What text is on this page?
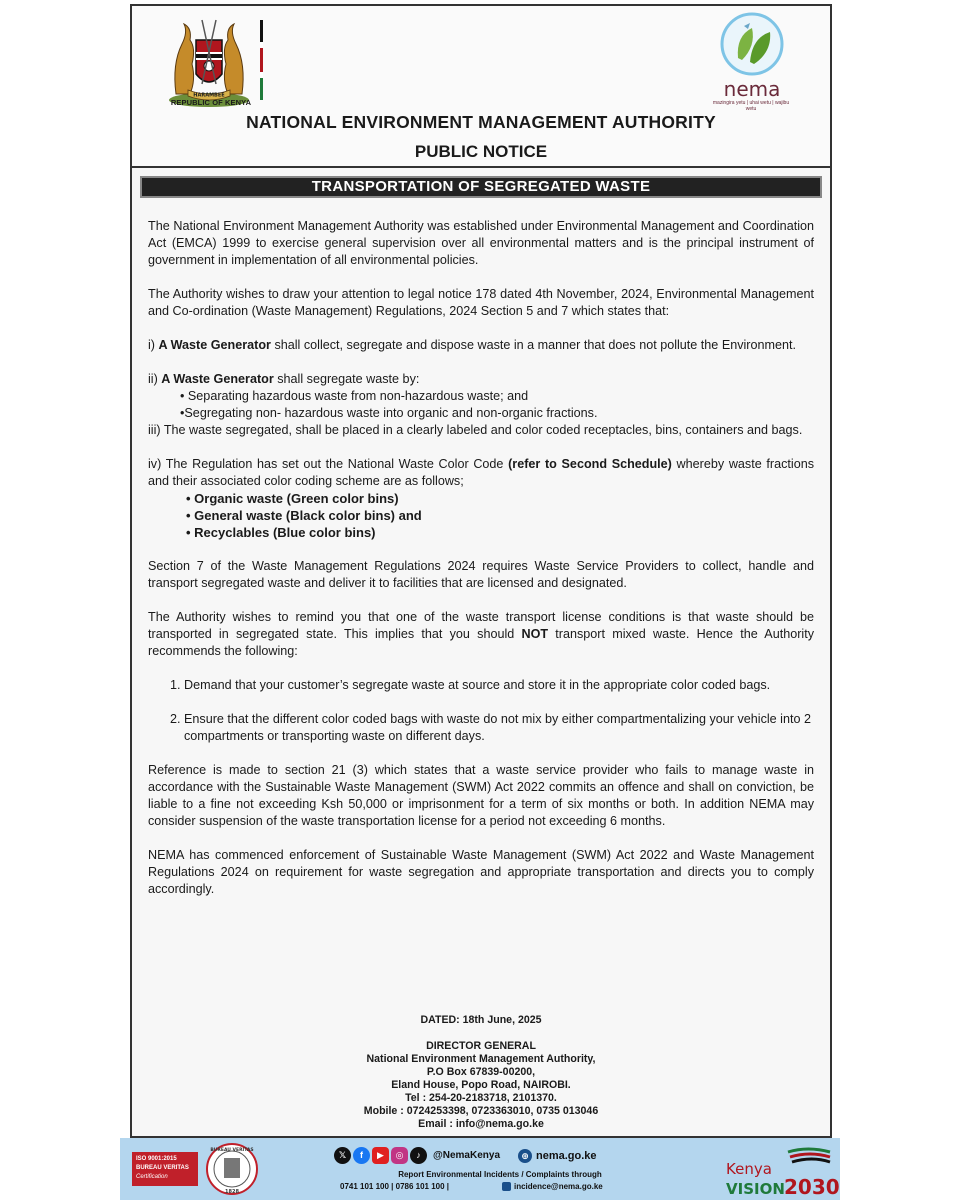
HARAMBEE
REPUBLIC OF KENYA
nema
mazingira yetu | uhai wetu | wajibu wetu
NATIONAL ENVIRONMENT MANAGEMENT AUTHORITY
PUBLIC NOTICE
TRANSPORTATION OF SEGREGATED WASTE

The National Environment Management Authority was established under Environmental Management and Coordination Act (EMCA) 1999 to exercise general supervision over all environmental matters and is the principal instrument of government in implementation of all environmental policies.

The Authority wishes to draw your attention to legal notice 178 dated 4th November, 2024, Environmental Management and Co-ordination (Waste Management) Regulations, 2024 Section 5 and 7 which states that:

i) A Waste Generator shall collect, segregate and dispose waste in a manner that does not pollute the Environment.

ii) A Waste Generator shall segregate waste by:

• Separating hazardous waste from non-hazardous waste; and

•Segregating non- hazardous waste into organic and non-organic fractions.

iii) The waste segregated, shall be placed in a clearly labeled and color coded receptacles, bins, containers and bags.

iv) The Regulation has set out the National Waste Color Code (refer to Second Schedule) whereby waste fractions and their associated color coding scheme are as follows;

• Organic waste (Green color bins)

• General waste (Black color bins) and

• Recyclables (Blue color bins)

Section 7 of the Waste Management Regulations 2024 requires Waste Service Providers to collect, handle and transport segregated waste and deliver it to facilities that are licensed and designated.

The Authority wishes to remind you that one of the waste transport license conditions is that waste should be transported in segregated state. This implies that you should NOT transport mixed waste. Hence the Authority recommends the following:

1. Demand that your customer’s segregate waste at source and store it in the appropriate color coded bags.
2. Ensure that the different color coded bags with waste do not mix by either compartmentalizing your vehicle into 2 compartments or transporting waste on different days.

Reference is made to section 21 (3) which states that a waste service provider who fails to manage waste in accordance with the Sustainable Waste Management (SWM) Act 2022 commits an offence and shall on conviction, be liable to a fine not exceeding Ksh 50,000 or imprisonment for a term of six months or both. In addition NEMA may consider suspension of the waste transportation license for a period not exceeding 6 months.

NEMA has commenced enforcement of Sustainable Waste Management (SWM) Act 2022 and Waste Management Regulations 2024 on requirement for waste segregation and appropriate transportation and directs you to comply accordingly.

DATED: 18th June, 2025
DIRECTOR GENERAL
National Environment Management Authority,
P.O Box 67839-00200,
Eland House, Popo Road, NAIROBI.
Tel : 254-20-2183718, 2101370.
Mobile : 0724253398, 0723363010, 0735 013046
Email : info@nema.go.ke
ISO 9001:2015
BUREAU VERITAS
Certification
BUREAU VERITAS
1828
𝕏	f	▶	◎	♪	@NemaKenya	⊕ nema.go.ke
Report Environmental Incidents / Complaints through
0741 101 100 | 0786 101 100 |	incidence@nema.go.ke
Kenya
VISION 2030
